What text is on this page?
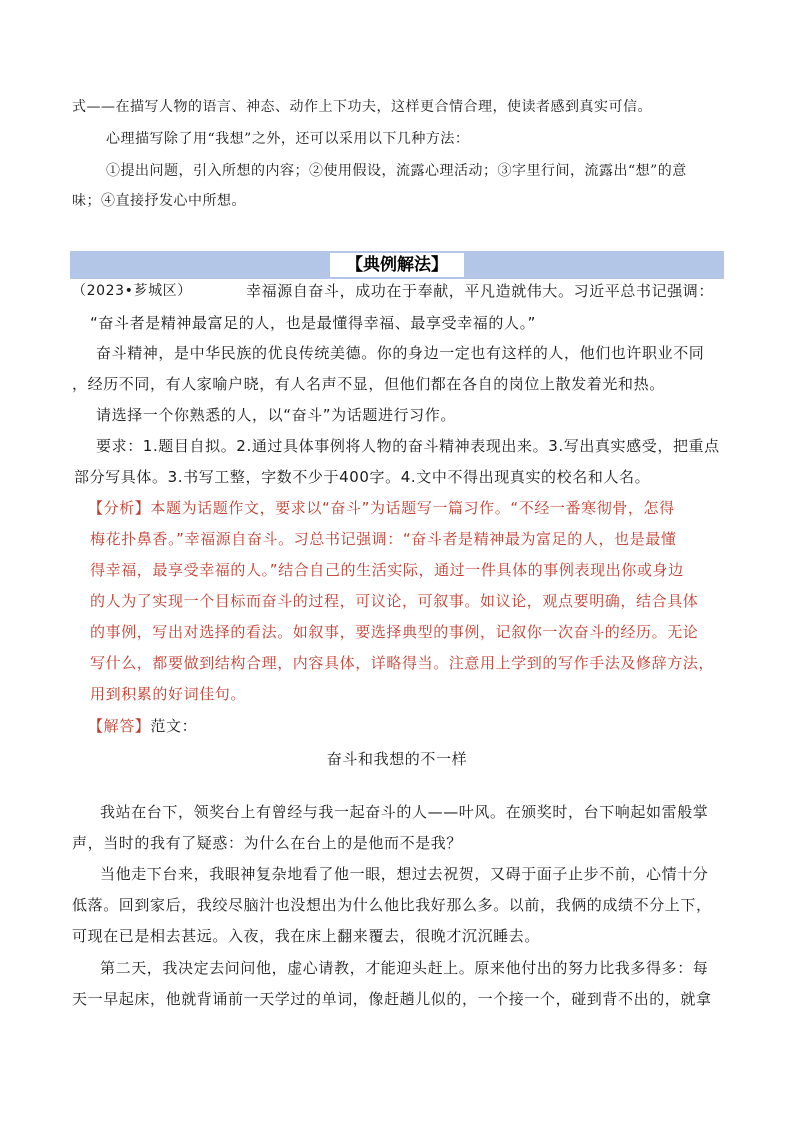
式——在描写人物的语言、神态、动作上下功夫，这样更合情合理，使读者感到真实可信。
心理描写除了用“我想”之外，还可以采用以下几种方法：
①提出问题，引入所想的内容；②使用假设，流露心理活动；③字里行间，流露出“想”的意
味；④直接抒发心中所想。
【典例解法】
（2023•芗城区）	幸福源自奋斗，成功在于奉献，平凡造就伟大。习近平总书记强调：
“奋斗者是精神最富足的人，也是最懂得幸福、最享受幸福的人。”
奋斗精神，是中华民族的优良传统美德。你的身边一定也有这样的人，他们也许职业不同
，经历不同，有人家喻户晓，有人名声不显，但他们都在各自的岗位上散发着光和热。
请选择一个你熟悉的人，以“奋斗”为话题进行习作。
要求：1.题目自拟。2.通过具体事例将人物的奋斗精神表现出来。3.写出真实感受，把重点
部分写具体。3.书写工整，字数不少于400字。4.文中不得出现真实的校名和人名。
【分析】本题为话题作文，要求以“奋斗”为话题写一篇习作。“不经一番寒彻骨，怎得
梅花扑鼻香。”幸福源自奋斗。习总书记强调：“奋斗者是精神最为富足的人，也是最懂
得幸福，最享受幸福的人。”结合自己的生活实际，通过一件具体的事例表现出你或身边
的人为了实现一个目标而奋斗的过程，可议论，可叙事。如议论，观点要明确，结合具体
的事例，写出对选择的看法。如叙事，要选择典型的事例，记叙你一次奋斗的经历。无论
写什么，都要做到结构合理，内容具体，详略得当。注意用上学到的写作手法及修辞方法，
用到积累的好词佳句。
【解答】范文：
奋斗和我想的不一样
我站在台下，领奖台上有曾经与我一起奋斗的人——叶风。在颁奖时，台下响起如雷般掌
声，当时的我有了疑惑：为什么在台上的是他而不是我？
当他走下台来，我眼神复杂地看了他一眼，想过去祝贺，又碍于面子止步不前，心情十分
低落。回到家后，我绞尽脑汁也没想出为什么他比我好那么多。以前，我俩的成绩不分上下，
可现在已是相去甚远。入夜，我在床上翻来覆去，很晚才沉沉睡去。
第二天，我决定去问问他，虚心请教，才能迎头赶上。原来他付出的努力比我多得多：每
天一早起床，他就背诵前一天学过的单词，像赶趟儿似的，一个接一个，碰到背不出的，就拿
